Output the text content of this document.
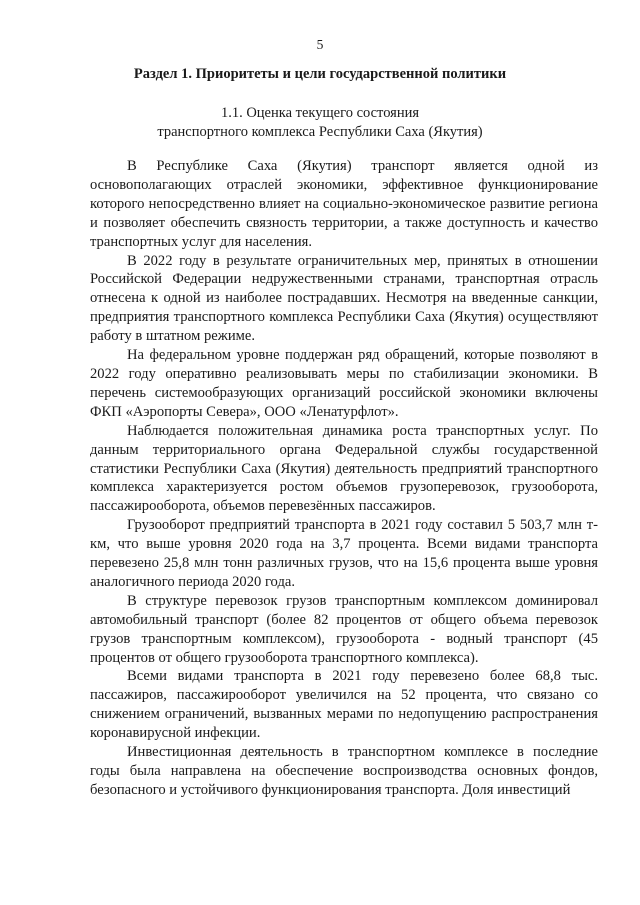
5
Раздел 1. Приоритеты и цели государственной политики
1.1. Оценка текущего состояния
транспортного комплекса Республики Саха (Якутия)

В Республике Саха (Якутия) транспорт является одной из основополагающих отраслей экономики, эффективное функционирование которого непосредственно влияет на социально-экономическое развитие региона и позволяет обеспечить связность территории, а также доступность и качество транспортных услуг для населения.

В 2022 году в результате ограничительных мер, принятых в отношении Российской Федерации недружественными странами, транспортная отрасль отнесена к одной из наиболее пострадавших. Несмотря на введенные санкции, предприятия транспортного комплекса Республики Саха (Якутия) осуществляют работу в штатном режиме.

На федеральном уровне поддержан ряд обращений, которые позволяют в 2022 году оперативно реализовывать меры по стабилизации экономики. В перечень системообразующих организаций российской экономики включены ФКП «Аэропорты Севера», ООО «Ленатурфлот».

Наблюдается положительная динамика роста транспортных услуг. По данным территориального органа Федеральной службы государственной статистики Республики Саха (Якутия) деятельность предприятий транспортного комплекса характеризуется ростом объемов грузоперевозок, грузооборота, пассажирооборота, объемов перевезённых пассажиров.

Грузооборот предприятий транспорта в 2021 году составил 5 503,7 млн т-км, что выше уровня 2020 года на 3,7 процента. Всеми видами транспорта перевезено 25,8 млн тонн различных грузов, что на 15,6 процента выше уровня аналогичного периода 2020 года.

В структуре перевозок грузов транспортным комплексом доминировал автомобильный транспорт (более 82 процентов от общего объема перевозок грузов транспортным комплексом), грузооборота - водный транспорт (45 процентов от общего грузооборота транспортного комплекса).

Всеми видами транспорта в 2021 году перевезено более 68,8 тыс. пассажиров, пассажирооборот увеличился на 52 процента, что связано со снижением ограничений, вызванных мерами по недопущению распространения коронавирусной инфекции.

Инвестиционная деятельность в транспортном комплексе в последние годы была направлена на обеспечение воспроизводства основных фондов, безопасного и устойчивого функционирования транспорта. Доля инвестиций
